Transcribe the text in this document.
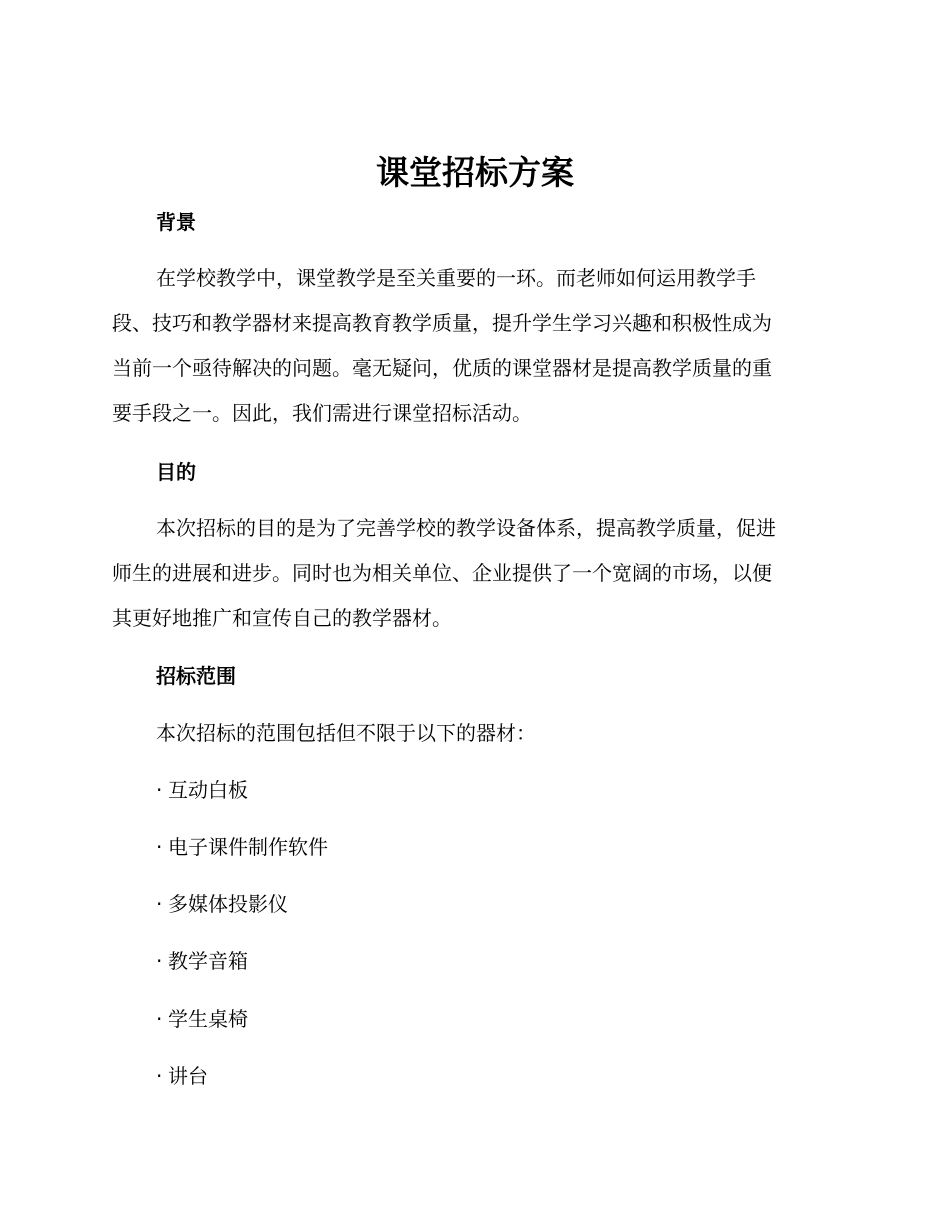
课堂招标方案
背景
在学校教学中，课堂教学是至关重要的一环。而老师如何运用教学手
段、技巧和教学器材来提高教育教学质量，提升学生学习兴趣和积极性成为
当前一个亟待解决的问题。毫无疑问，优质的课堂器材是提高教学质量的重
要手段之一。因此，我们需进行课堂招标活动。
目的
本次招标的目的是为了完善学校的教学设备体系，提高教学质量，促进
师生的进展和进步。同时也为相关单位、企业提供了一个宽阔的市场，以便
其更好地推广和宣传自己的教学器材。
招标范围
本次招标的范围包括但不限于以下的器材：
· 互动白板
· 电子课件制作软件
· 多媒体投影仪
· 教学音箱
· 学生桌椅
· 讲台
